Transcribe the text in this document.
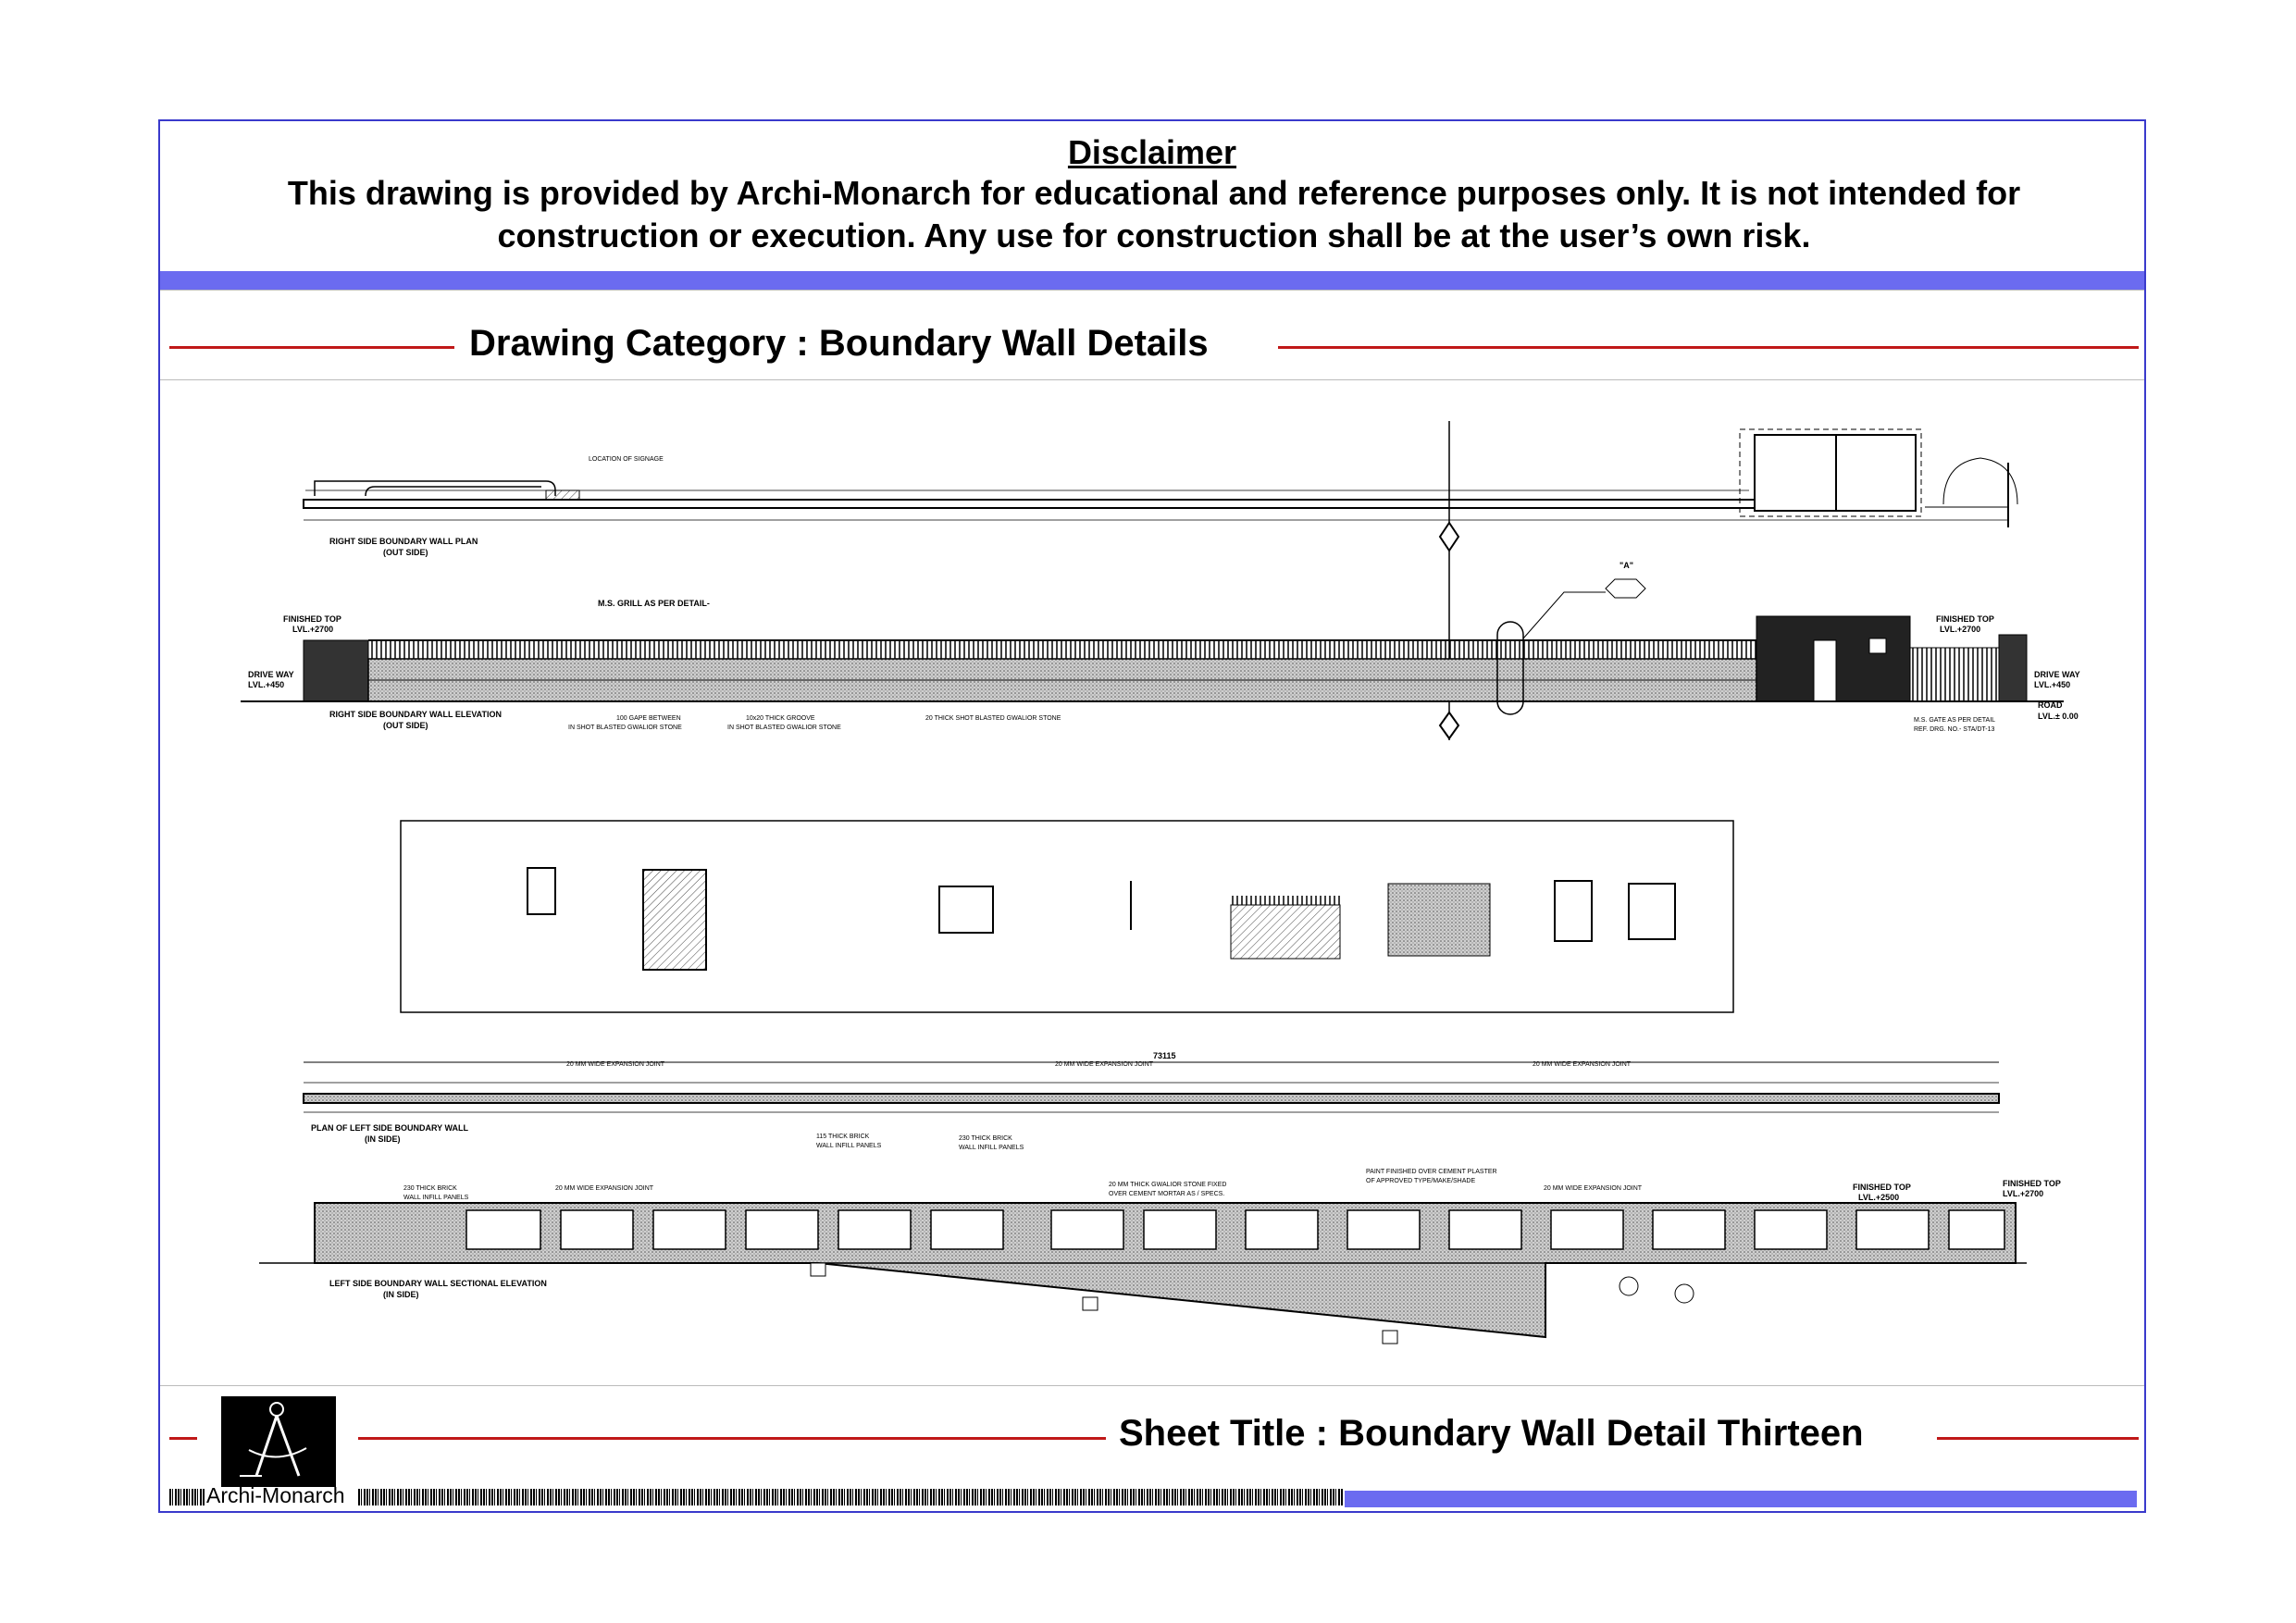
Disclaimer
This drawing is provided by Archi-Monarch for educational and reference purposes only. It is not intended for construction or execution. Any use for construction shall be at the user’s own risk.
Drawing Category : Boundary Wall Details
Sheet Title : Boundary Wall Detail Thirteen
Archi-Monarch
RIGHT SIDE BOUNDARY WALL PLAN
(OUT SIDE)
LOCATION OF SIGNAGE
"A"
FINISHED TOP
LVL.+2700
DRIVE WAY
LVL.+450
M.S. GRILL AS PER DETAIL-
RIGHT SIDE BOUNDARY WALL ELEVATION
(OUT SIDE)
100 GAPE BETWEEN
IN SHOT BLASTED GWALIOR STONE
10x20 THICK GROOVE
IN SHOT BLASTED GWALIOR STONE
20 THICK SHOT BLASTED GWALIOR STONE
FINISHED TOP
LVL.+2700
DRIVE WAY
LVL.+450
ROAD
LVL.± 0.00
M.S. GATE AS PER DETAIL
REF. DRG. NO.- STA/DT-13
73115
20 MM WIDE EXPANSION JOINT	20 MM WIDE EXPANSION JOINT	20 MM WIDE EXPANSION JOINT
PLAN OF LEFT SIDE BOUNDARY WALL
(IN SIDE)	115 THICK BRICK
WALL INFILL PANELS
230 THICK BRICK
WALL INFILL PANELS
230 THICK BRICK
WALL INFILL PANELS
20 MM WIDE EXPANSION JOINT
20 MM THICK GWALIOR STONE FIXED
OVER CEMENT MORTAR AS / SPECS.
PAINT FINISHED OVER CEMENT PLASTER
OF APPROVED TYPE/MAKE/SHADE
20 MM WIDE EXPANSION JOINT	FINISHED TOP
LVL.+2500
FINISHED TOP
LVL.+2700
LEFT SIDE BOUNDARY WALL SECTIONAL ELEVATION
(IN SIDE)
